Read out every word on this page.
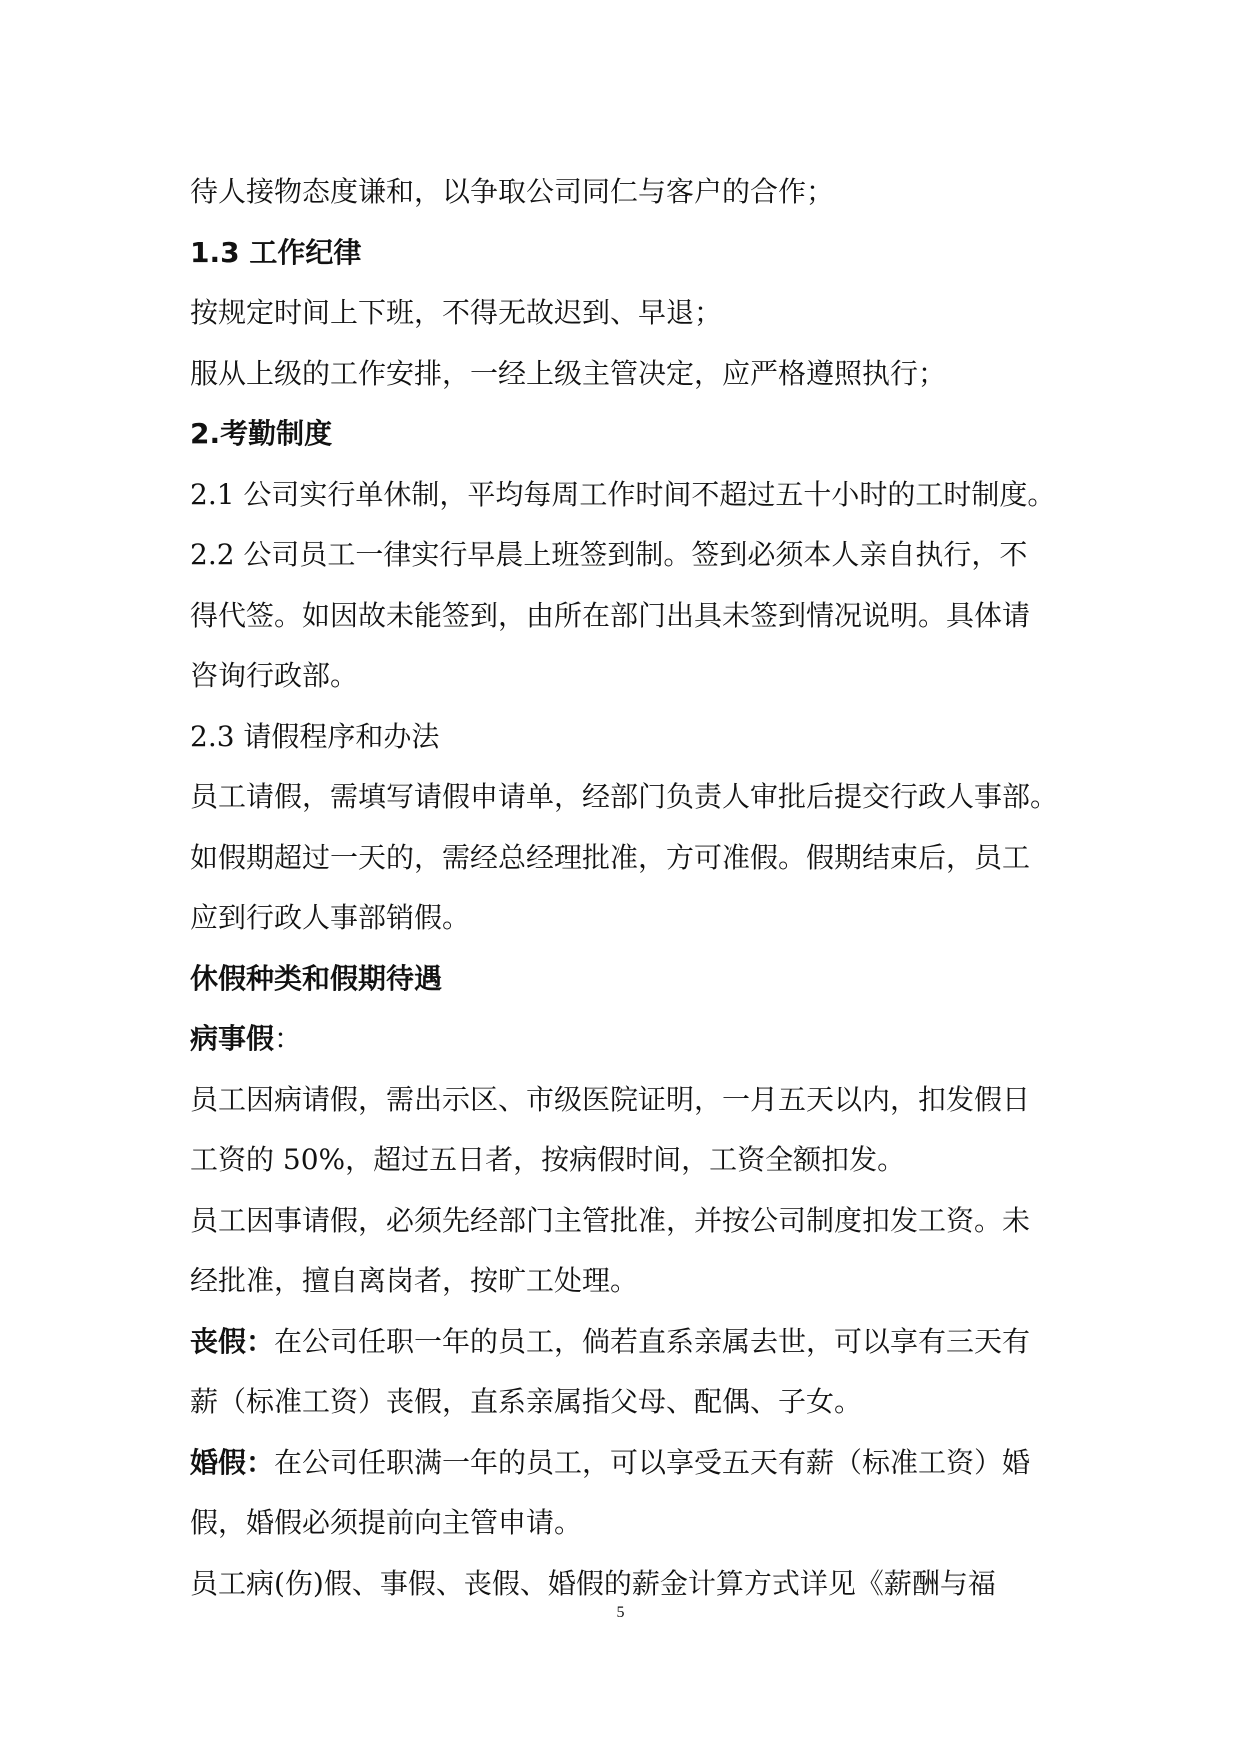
待人接物态度谦和，以争取公司同仁与客户的合作；
1.3 工作纪律
按规定时间上下班，不得无故迟到、早退；
服从上级的工作安排，一经上级主管决定，应严格遵照执行；
2.考勤制度
2.1 公司实行单休制，平均每周工作时间不超过五十小时的工时制度。
2.2 公司员工一律实行早晨上班签到制。签到必须本人亲自执行，不
得代签。如因故未能签到，由所在部门出具未签到情况说明。具体请
咨询行政部。
2.3 请假程序和办法
员工请假，需填写请假申请单，经部门负责人审批后提交行政人事部。
如假期超过一天的，需经总经理批准，方可准假。假期结束后，员工
应到行政人事部销假。
休假种类和假期待遇
病事假：
员工因病请假，需出示区、市级医院证明，一月五天以内，扣发假日
工资的 50%，超过五日者，按病假时间，工资全额扣发。
员工因事请假，必须先经部门主管批准，并按公司制度扣发工资。未
经批准，擅自离岗者，按旷工处理。
丧假：在公司任职一年的员工，倘若直系亲属去世，可以享有三天有
薪（标准工资）丧假，直系亲属指父母、配偶、子女。
婚假：在公司任职满一年的员工，可以享受五天有薪（标准工资）婚
假，婚假必须提前向主管申请。
员工病(伤)假、事假、丧假、婚假的薪金计算方式详见《薪酬与福
5
